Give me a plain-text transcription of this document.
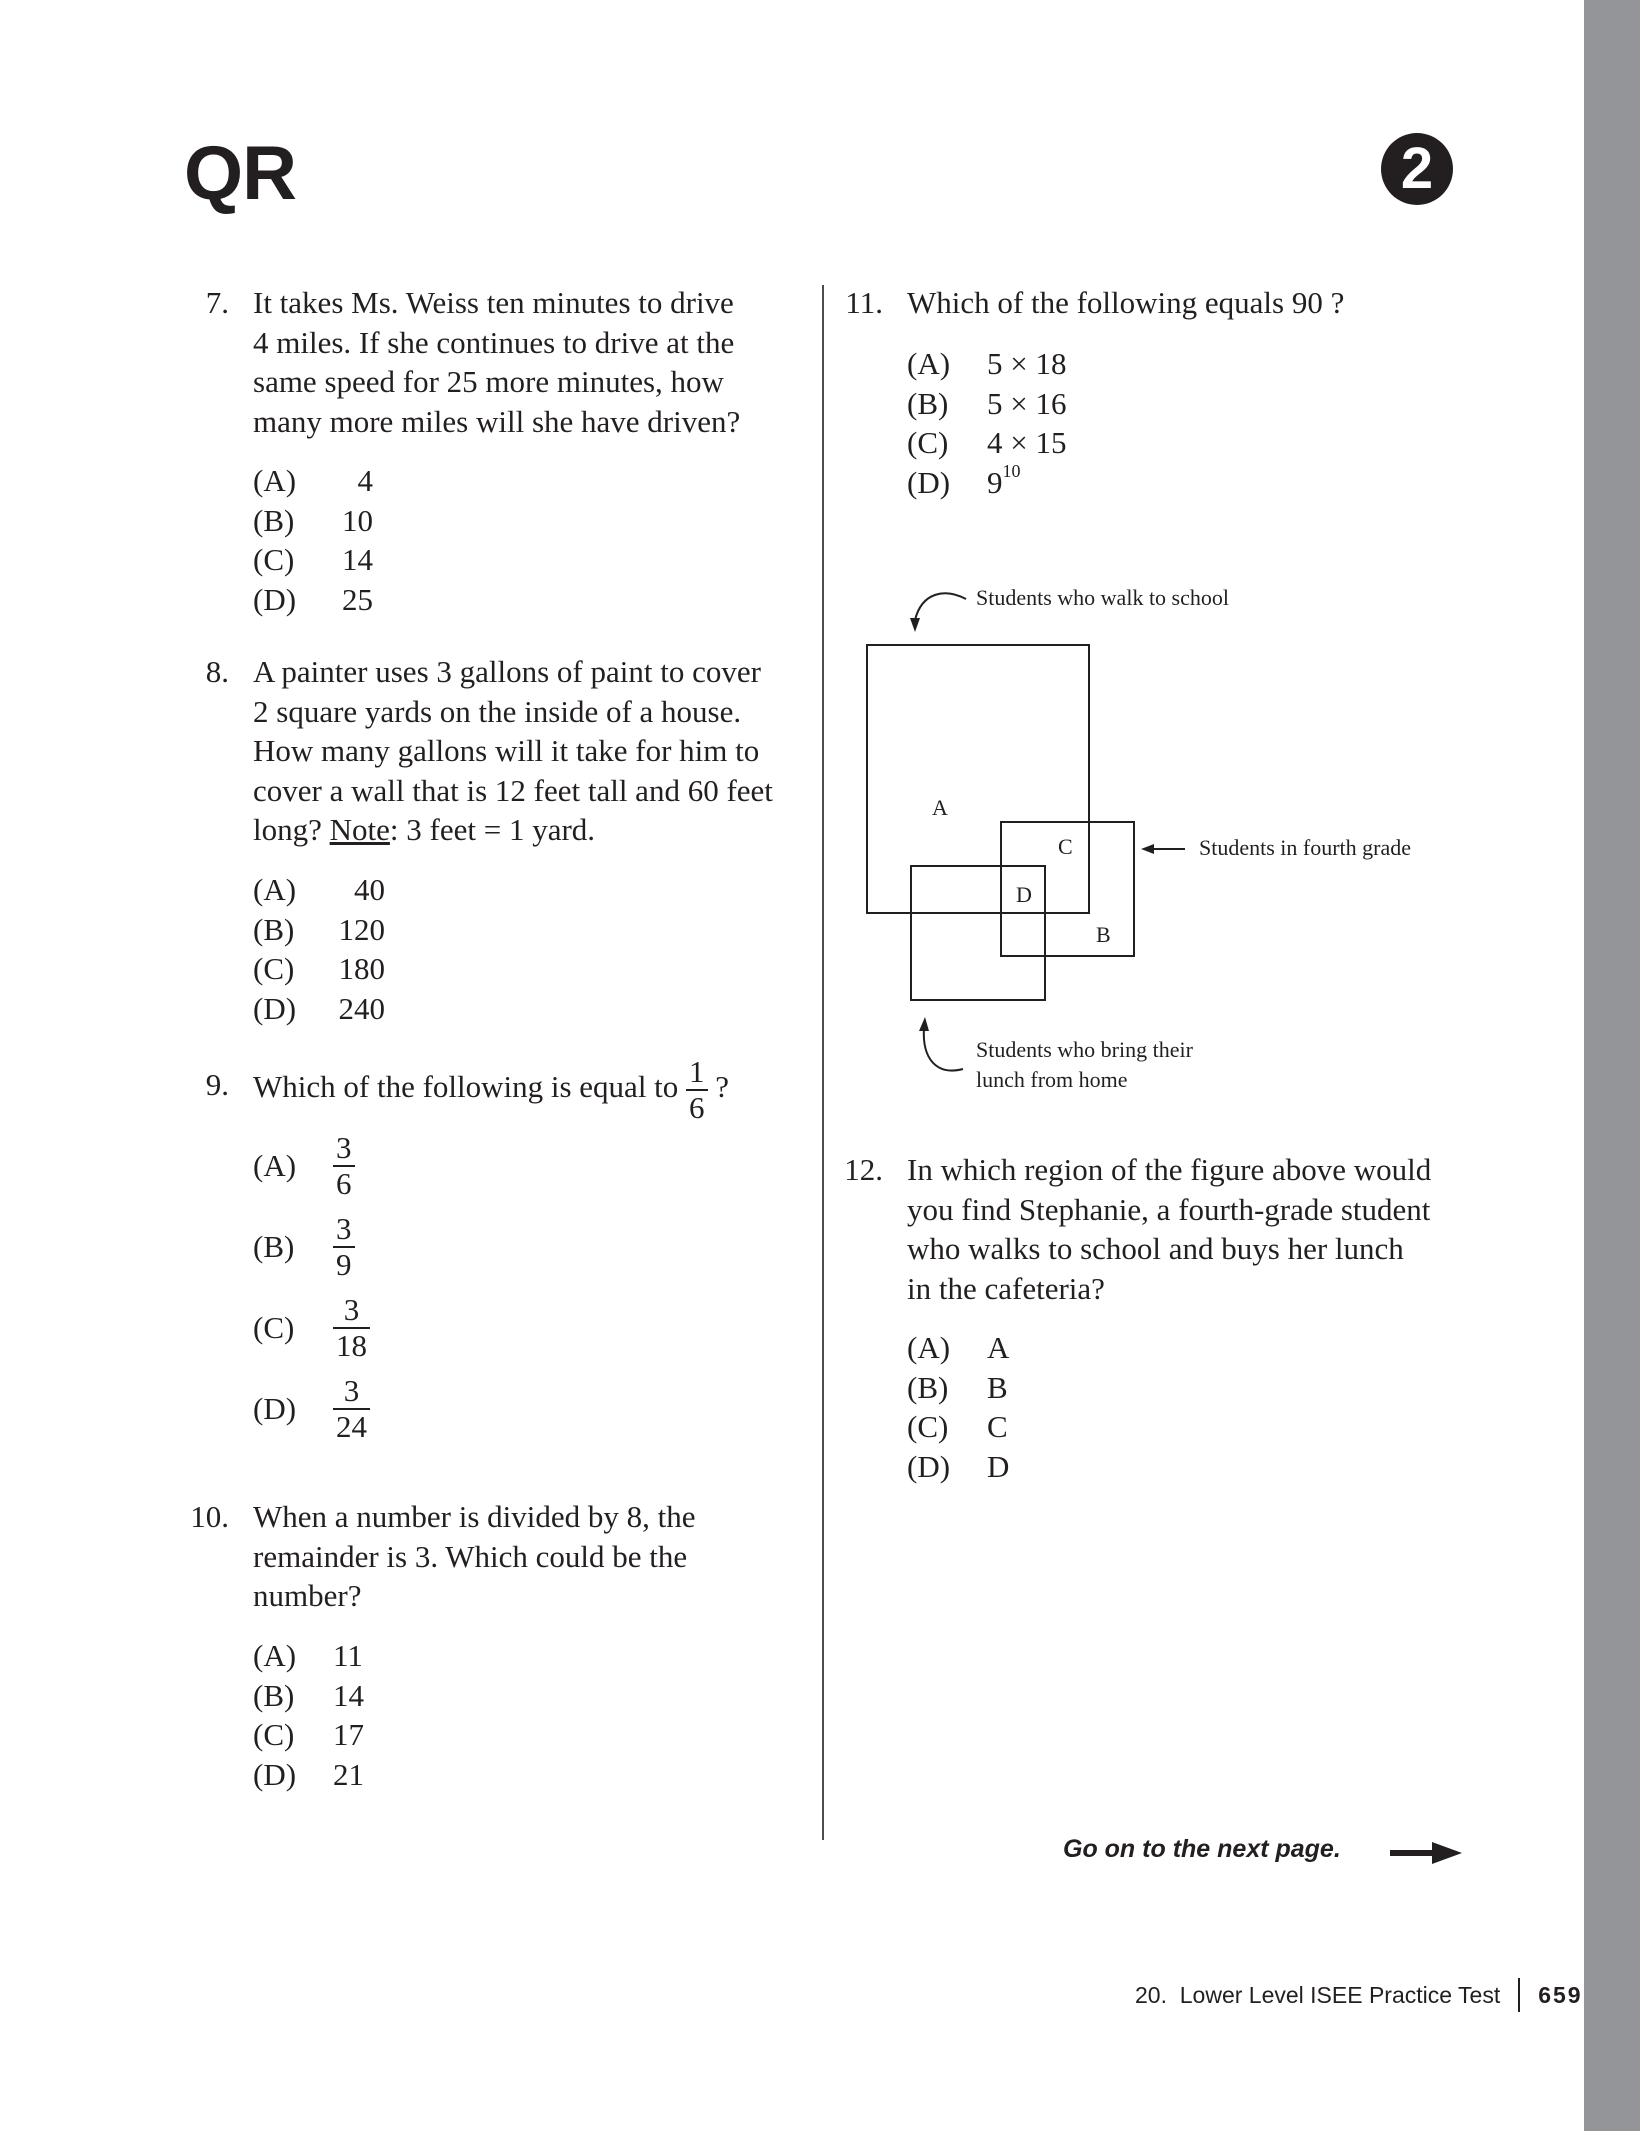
QR	2
7. It takes Ms. Weiss ten minutes to drive
4 miles. If she continues to drive at the
same speed for 25 more minutes, how
many more miles will she have driven?
(A)	4
(B)	10
(C)	14
(D)	25
8. A painter uses 3 gallons of paint to cover
2 square yards on the inside of a house.
How many gallons will it take for him to
cover a wall that is 12 feet tall and 60 feet
long? Note: 3 feet = 1 yard.
(A)	40
(B)	120
(C)	180
(D)	240
9. Which of the following is equal to $\frac{1}{6}$ ?
(A)	$\frac{3}{6}$
(B)	$\frac{3}{9}$
(C)	$\frac{3}{18}$
(D)	$\frac{3}{24}$
10. When a number is divided by 8, the
remainder is 3. Which could be the
number?
(A)	11
(B)	14
(C)	17
(D)	21
11. Which of the following equals 90 ?
(A)	5 × 18
(B)	5 × 16
(C)	4 × 15
(D)	$9^{10}$
Students who walk to school
Students in fourth grade
Students who bring their
lunch from home
A
C
D
B
12. In which region of the figure above would
you find Stephanie, a fourth-grade student
who walks to school and buys her lunch
in the cafeteria?
(A)	A
(B)	B
(C)	C
(D)	D
Go on to the next page.
20.  Lower Level ISEE Practice Test 659
